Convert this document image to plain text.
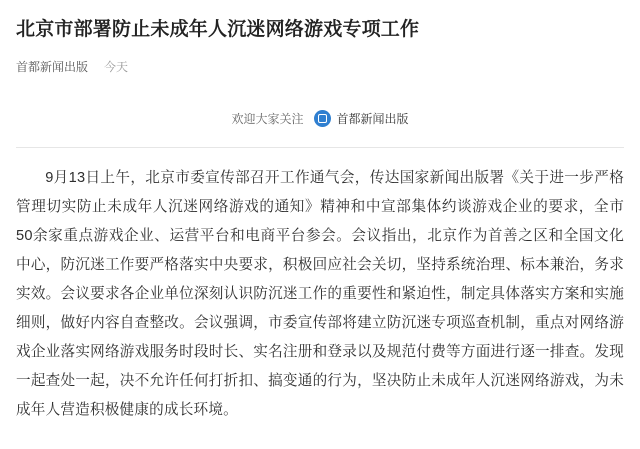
北京市部署防止未成年人沉迷网络游戏专项工作
首都新闻出版 今天
欢迎大家关注	首都新闻出版
9月13日上午，北京市委宣传部召开工作通气会，传达国家新闻出版署《关于进一步严格管理切实防止未成年人沉迷网络游戏的通知》精神和中宣部集体约谈游戏企业的要求，全市50余家重点游戏企业、运营平台和电商平台参会。会议指出，北京作为首善之区和全国文化中心，防沉迷工作要严格落实中央要求，积极回应社会关切，坚持系统治理、标本兼治，务求实效。会议要求各企业单位深刻认识防沉迷工作的重要性和紧迫性，制定具体落实方案和实施细则，做好内容自查整改。会议强调，市委宣传部将建立防沉迷专项巡查机制，重点对网络游戏企业落实网络游戏服务时段时长、实名注册和登录以及规范付费等方面进行逐一排查。发现一起查处一起，决不允许任何打折扣、搞变通的行为，坚决防止未成年人沉迷网络游戏，为未成年人营造积极健康的成长环境。
